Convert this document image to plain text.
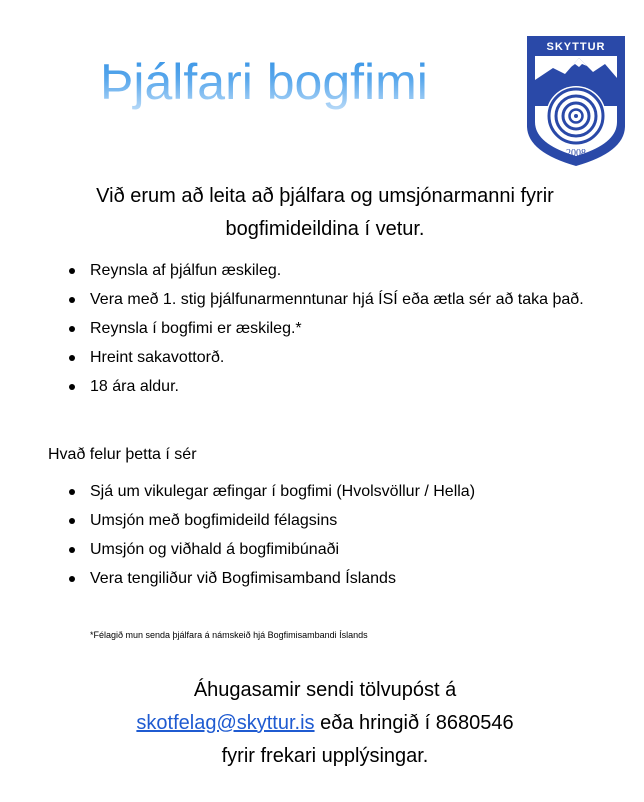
Þjálfari bogfimi
SKYTTUR
2008
Við erum að leita að þjálfara og umsjónarmanni fyrir
bogfimideildina í vetur.
Reynsla af þjálfun æskileg.
Vera með 1. stig þjálfunarmenntunar hjá ÍSÍ eða ætla sér að taka það.
Reynsla í bogfimi er æskileg.*
Hreint sakavottorð.
18 ára aldur.
Hvað felur þetta í sér
Sjá um vikulegar æfingar í bogfimi (Hvolsvöllur / Hella)
Umsjón með bogfimideild félagsins
Umsjón og viðhald á bogfimibúnaði
Vera tengiliður við Bogfimisamband Íslands
*Félagið mun senda þjálfara á námskeið hjá Bogfimisambandi Íslands
Áhugasamir sendi tölvupóst á
skotfelag@skyttur.is eða hringið í 8680546
fyrir frekari upplýsingar.
